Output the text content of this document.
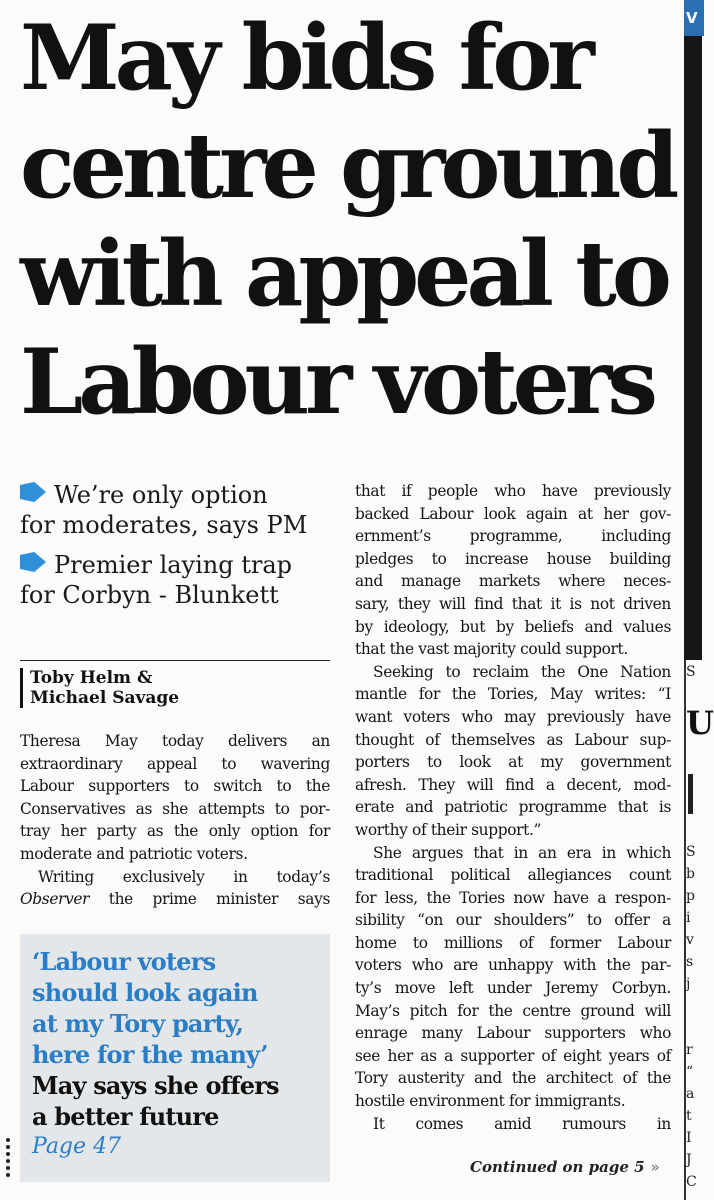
May bids for
centre ground
with appeal to
Labour voters
V
S
U
S
b
p
i
v
s
j
r
“
a
t
I
J
C
We’re only option
for moderates, says PM
Premier laying trap
for Corbyn - Blunkett
Toby Helm &
Michael Savage

Theresa May today delivers an
extraordinary appeal to wavering
Labour supporters to switch to the
Conservatives as she attempts to por-
tray her party as the only option for
moderate and patriotic voters.

Writing exclusively in today’s
Observer the prime minister says

‘Labour voters
should look again
at my Tory party,
here for the many’

May says she offers
a better future

Page 47

that if people who have previously
backed Labour look again at her gov-
ernment’s programme, including
pledges to increase house building
and manage markets where neces-
sary, they will find that it is not driven
by ideology, but by beliefs and values
that the vast majority could support.

Seeking to reclaim the One Nation
mantle for the Tories, May writes: “I
want voters who may previously have
thought of themselves as Labour sup-
porters to look at my government
afresh. They will find a decent, mod-
erate and patriotic programme that is
worthy of their support.”

She argues that in an era in which
traditional political allegiances count
for less, the Tories now have a respon-
sibility “on our shoulders” to offer a
home to millions of former Labour
voters who are unhappy with the par-
ty’s move left under Jeremy Corbyn.
May’s pitch for the centre ground will
enrage many Labour supporters who
see her as a supporter of eight years of
Tory austerity and the architect of the
hostile environment for immigrants.

It comes amid rumours in

Continued on page 5 »
